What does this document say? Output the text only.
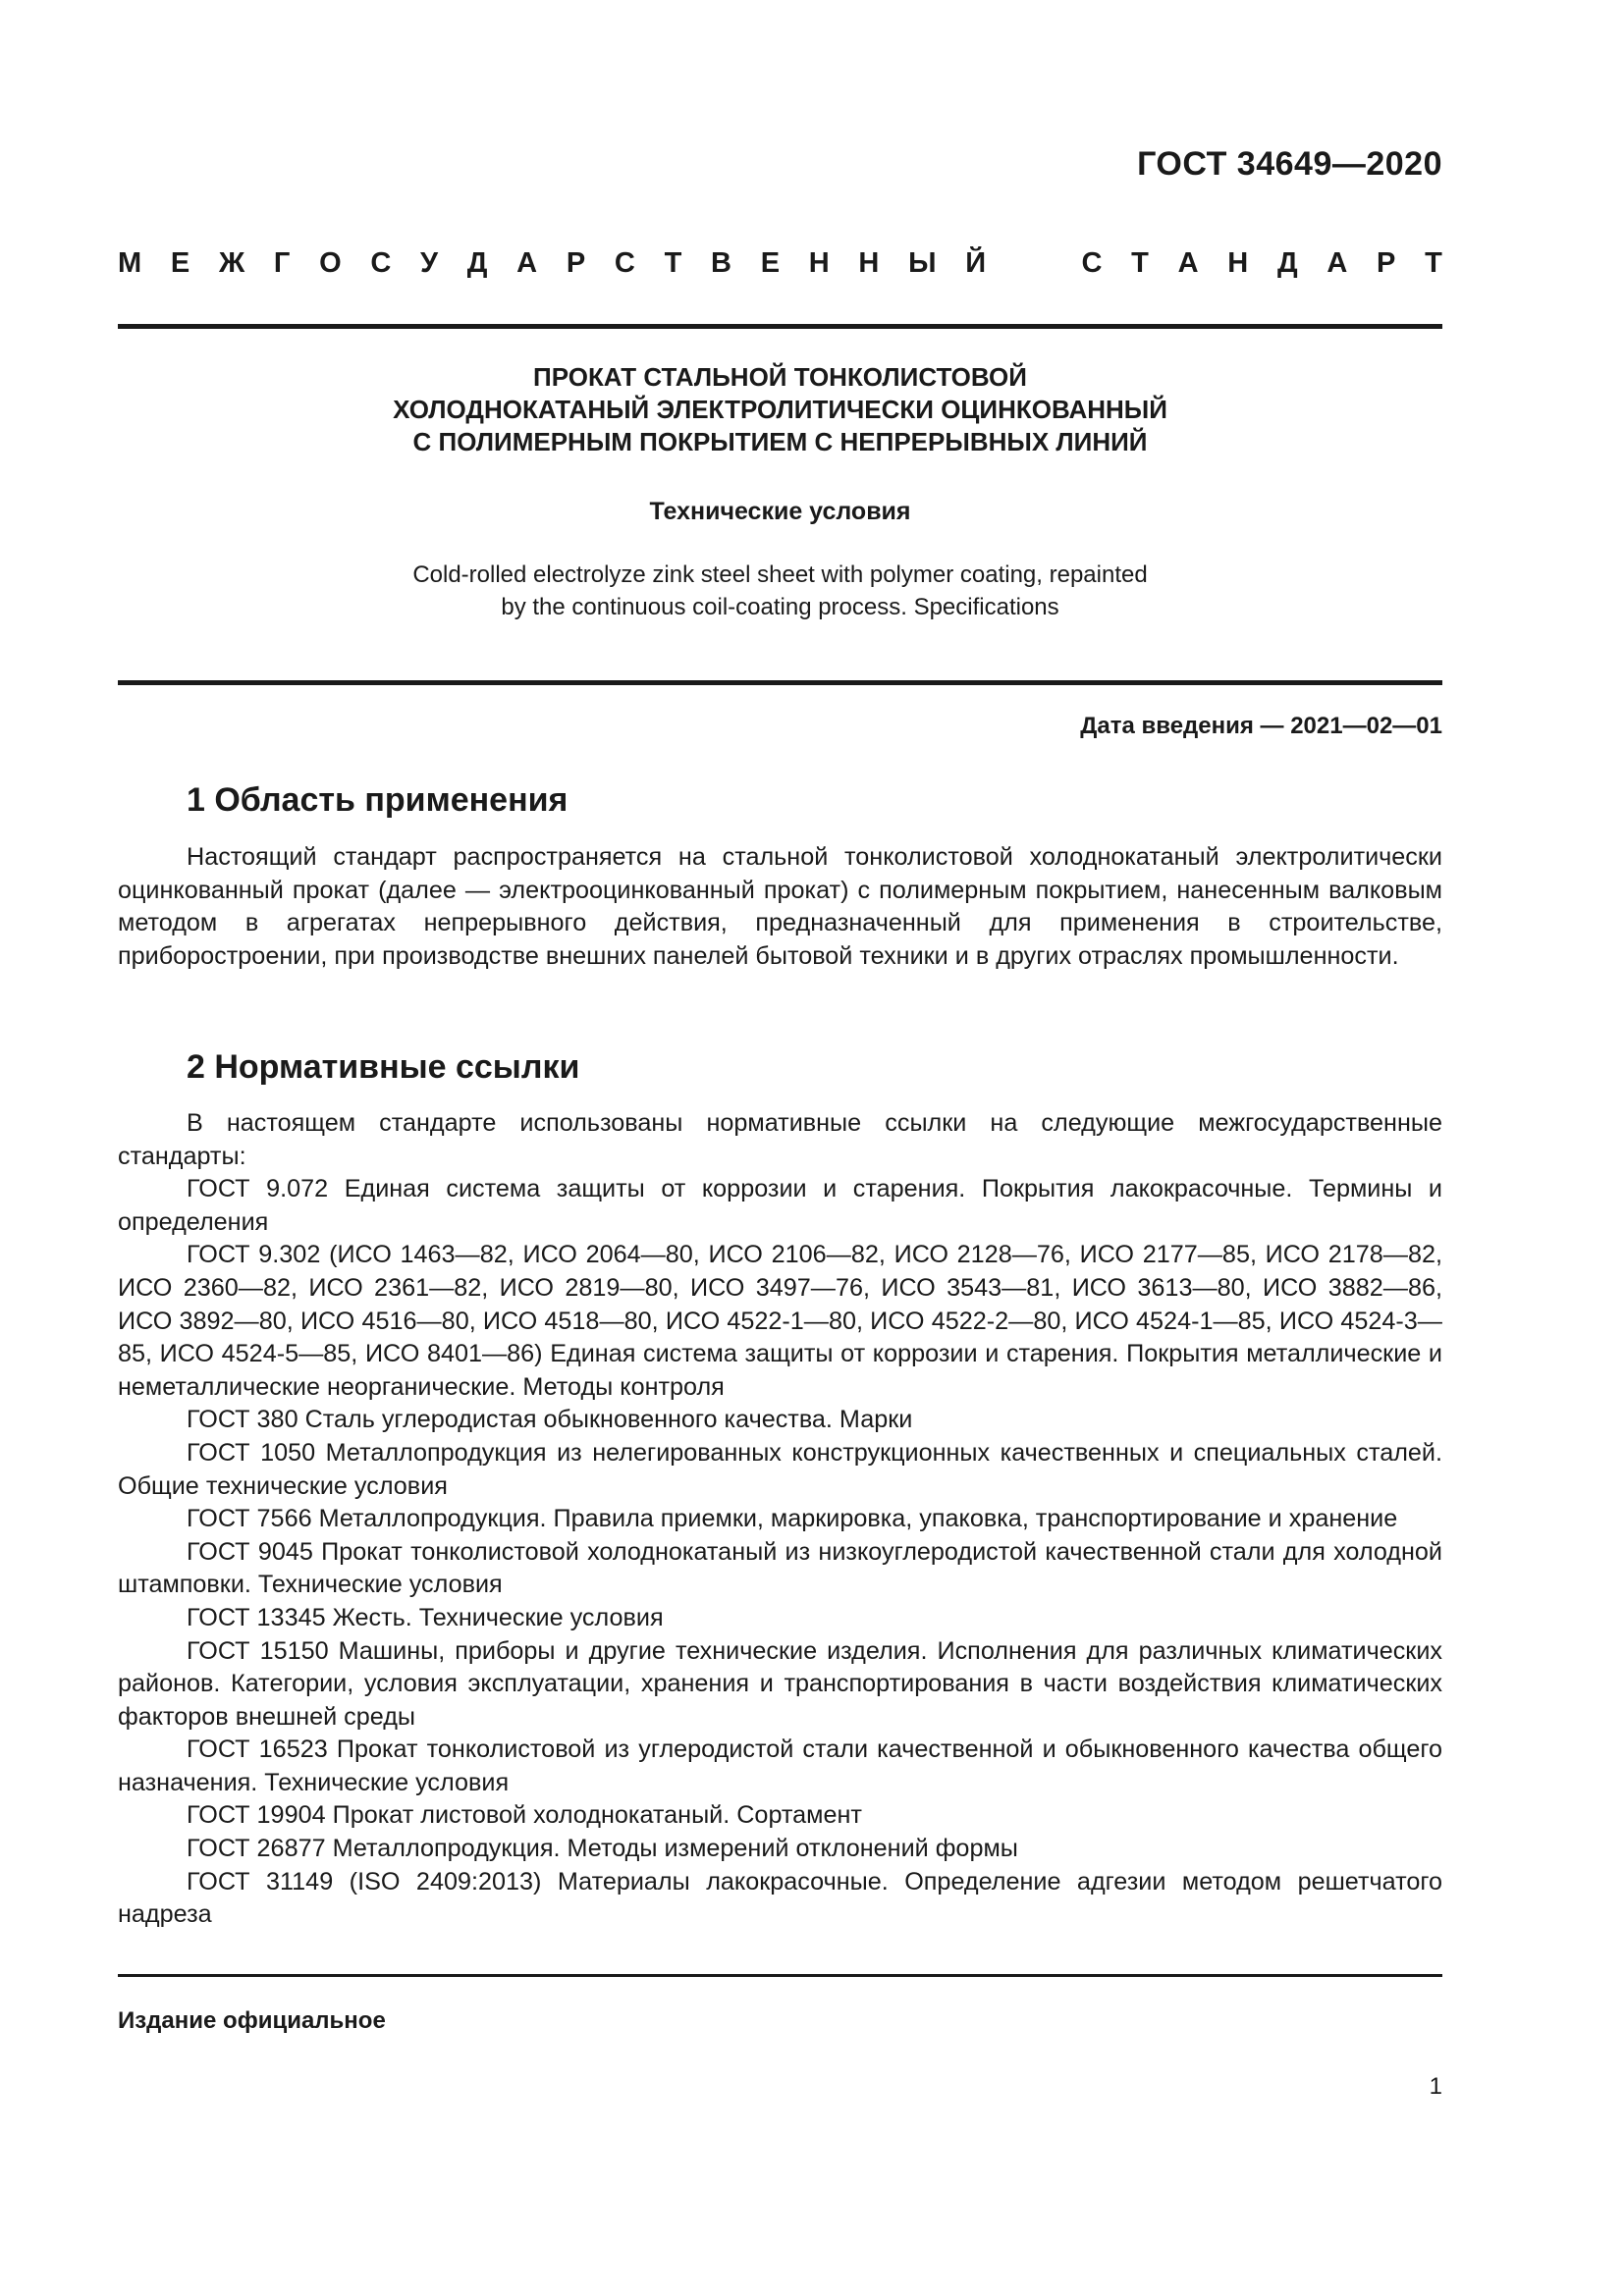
ГОСТ 34649—2020
М Е Ж Г О С У Д А Р С Т В Е Н Н Ы Й	С Т А Н Д А Р Т
ПРОКАТ СТАЛЬНОЙ ТОНКОЛИСТОВОЙ
ХОЛОДНОКАТАНЫЙ ЭЛЕКТРОЛИТИЧЕСКИ ОЦИНКОВАННЫЙ
С ПОЛИМЕРНЫМ ПОКРЫТИЕМ С НЕПРЕРЫВНЫХ ЛИНИЙ
Технические условия
Cold-rolled electrolyze zink steel sheet with polymer coating, repainted
by the continuous coil-coating process. Specifications
Дата введения — 2021—02—01
1 Область применения

Настоящий стандарт распространяется на стальной тонколистовой холоднокатаный электролитически оцинкованный прокат (далее — электрооцинкованный прокат) с полимерным покрытием, нанесенным валковым методом в агрегатах непрерывного действия, предназначенный для применения в строительстве, приборостроении, при производстве внешних панелей бытовой техники и в других отраслях промышленности.

2 Нормативные ссылки

В настоящем стандарте использованы нормативные ссылки на следующие межгосударственные стандарты:

ГОСТ 9.072 Единая система защиты от коррозии и старения. Покрытия лакокрасочные. Термины и определения

ГОСТ 9.302 (ИСО 1463—82, ИСО 2064—80, ИСО 2106—82, ИСО 2128—76, ИСО 2177—85, ИСО 2178—82, ИСО 2360—82, ИСО 2361—82, ИСО 2819—80, ИСО 3497—76, ИСО 3543—81, ИСО 3613—80, ИСО 3882—86, ИСО 3892—80, ИСО 4516—80, ИСО 4518—80, ИСО 4522-1—80, ИСО 4522-2—80, ИСО 4524-1—85, ИСО 4524-3—85, ИСО 4524-5—85, ИСО 8401—86) Единая система защиты от коррозии и старения. Покрытия металлические и неметаллические неорганические. Методы контроля

ГОСТ 380 Сталь углеродистая обыкновенного качества. Марки

ГОСТ 1050 Металлопродукция из нелегированных конструкционных качественных и специальных сталей. Общие технические условия

ГОСТ 7566 Металлопродукция. Правила приемки, маркировка, упаковка, транспортирование и хранение

ГОСТ 9045 Прокат тонколистовой холоднокатаный из низкоуглеродистой качественной стали для холодной штамповки. Технические условия

ГОСТ 13345 Жесть. Технические условия

ГОСТ 15150 Машины, приборы и другие технические изделия. Исполнения для различных климатических районов. Категории, условия эксплуатации, хранения и транспортирования в части воздействия климатических факторов внешней среды

ГОСТ 16523 Прокат тонколистовой из углеродистой стали качественной и обыкновенного качества общего назначения. Технические условия

ГОСТ 19904 Прокат листовой холоднокатаный. Сортамент

ГОСТ 26877 Металлопродукция. Методы измерений отклонений формы

ГОСТ 31149 (ISO 2409:2013) Материалы лакокрасочные. Определение адгезии методом решетчатого надреза

Издание официальное
1
